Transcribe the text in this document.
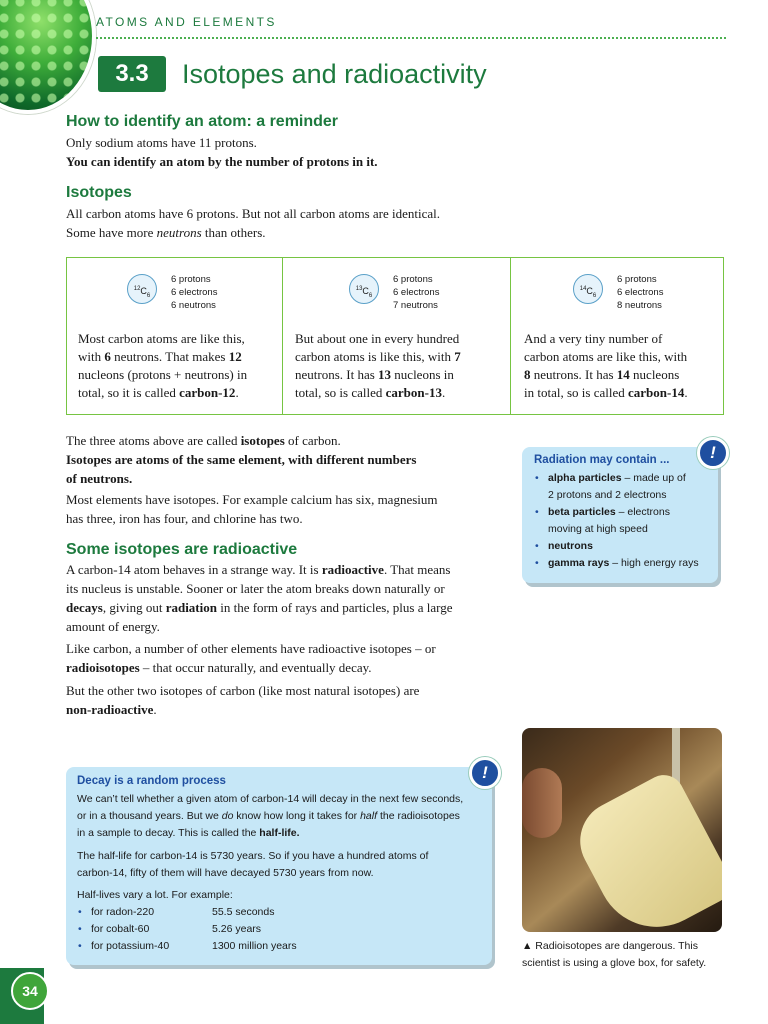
ATOMS AND ELEMENTS
3.3	Isotopes and radioactivity
How to identify an atom: a reminder
Only sodium atoms have 11 protons.
You can identify an atom by the number of protons in it.
Isotopes
All carbon atoms have 6 protons. But not all carbon atoms are identical.
Some have more neutrons than others.
$^{12}C_6$
6 protons
6 electrons
6 neutrons
Most carbon atoms are like this,
with 6 neutrons. That makes 12
nucleons (protons + neutrons) in
total, so it is called carbon-12.
$^{13}C_6$
6 protons
6 electrons
7 neutrons
But about one in every hundred
carbon atoms is like this, with 7
neutrons. It has 13 nucleons in
total, so is called carbon-13.
$^{14}C_6$
6 protons
6 electrons
8 neutrons
And a very tiny number of
carbon atoms are like this, with
8 neutrons. It has 14 nucleons
in total, so is called carbon-14.
The three atoms above are called isotopes of carbon.
Isotopes are atoms of the same element, with different numbers
of neutrons.
Most elements have isotopes. For example calcium has six, magnesium
has three, iron has four, and chlorine has two.
Some isotopes are radioactive
A carbon-14 atom behaves in a strange way. It is radioactive. That means
its nucleus is unstable. Sooner or later the atom breaks down naturally or
decays, giving out radiation in the form of rays and particles, plus a large
amount of energy.
Like carbon, a number of other elements have radioactive isotopes – or
radioisotopes – that occur naturally, and eventually decay.
But the other two isotopes of carbon (like most natural isotopes) are
non-radioactive.
Radiation may contain ...
• alpha particles – made up of
2 protons and 2 electrons
• beta particles – electrons
moving at high speed
• neutrons
• gamma rays – high energy rays
!
Decay is a random process
We can’t tell whether a given atom of carbon-14 will decay in the next few seconds,
or in a thousand years. But we do know how long it takes for half the radioisotopes
in a sample to decay. This is called the half-life.
The half-life for carbon-14 is 5730 years. So if you have a hundred atoms of
carbon-14, fifty of them will have decayed 5730 years from now.
Half-lives vary a lot. For example:
• for radon-220	55.5 seconds
• for cobalt-60	5.26 years
• for potassium-40	1300 million years
!
▲ Radioisotopes are dangerous. This scientist is using a glove box, for safety.
34
